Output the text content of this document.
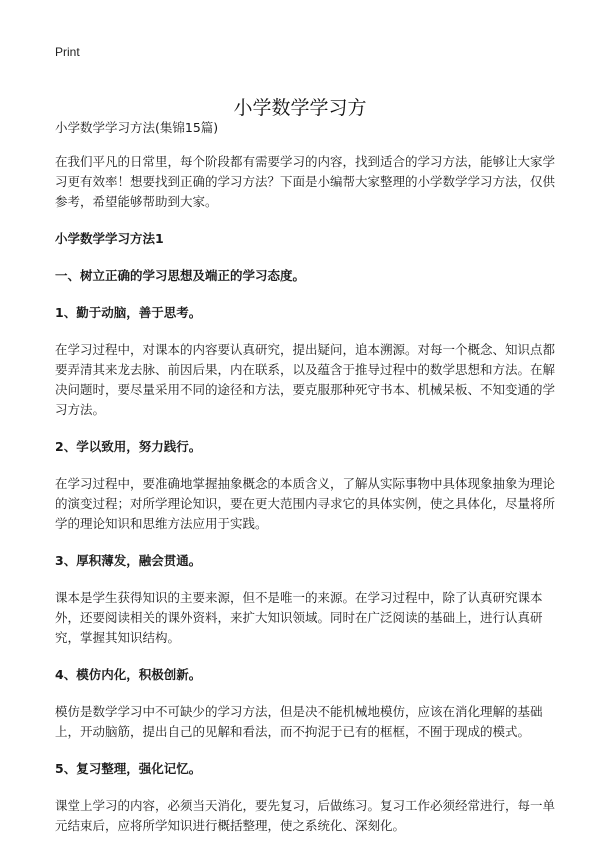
Print
小学数学学习方

小学数学学习方法(集锦15篇)

在我们平凡的日常里，每个阶段都有需要学习的内容，找到适合的学习方法，能够让大家学习更有效率！想要找到正确的学习方法？下面是小编帮大家整理的小学数学学习方法，仅供参考，希望能够帮助到大家。

小学数学学习方法1

一、树立正确的学习思想及端正的学习态度。

1、勤于动脑，善于思考。

在学习过程中，对课本的内容要认真研究，提出疑问，追本溯源。对每一个概念、知识点都要弄清其来龙去脉、前因后果，内在联系，以及蕴含于推导过程中的数学思想和方法。在解决问题时，要尽量采用不同的途径和方法，要克服那种死守书本、机械呆板、不知变通的学习方法。

2、学以致用，努力践行。

在学习过程中，要准确地掌握抽象概念的本质含义，了解从实际事物中具体现象抽象为理论的演变过程；对所学理论知识，要在更大范围内寻求它的具体实例，使之具体化，尽量将所学的理论知识和思维方法应用于实践。

3、厚积薄发，融会贯通。

课本是学生获得知识的主要来源，但不是唯一的来源。在学习过程中，除了认真研究课本外，还要阅读相关的课外资料，来扩大知识领域。同时在广泛阅读的基础上，进行认真研究，掌握其知识结构。

4、模仿内化，积极创新。

模仿是数学学习中不可缺少的学习方法，但是决不能机械地模仿，应该在消化理解的基础上，开动脑筋，提出自己的见解和看法，而不拘泥于已有的框框，不囿于现成的模式。

5、复习整理，强化记忆。

课堂上学习的内容，必须当天消化，要先复习，后做练习。复习工作必须经常进行，每一单元结束后，应将所学知识进行概括整理，使之系统化、深刻化。
